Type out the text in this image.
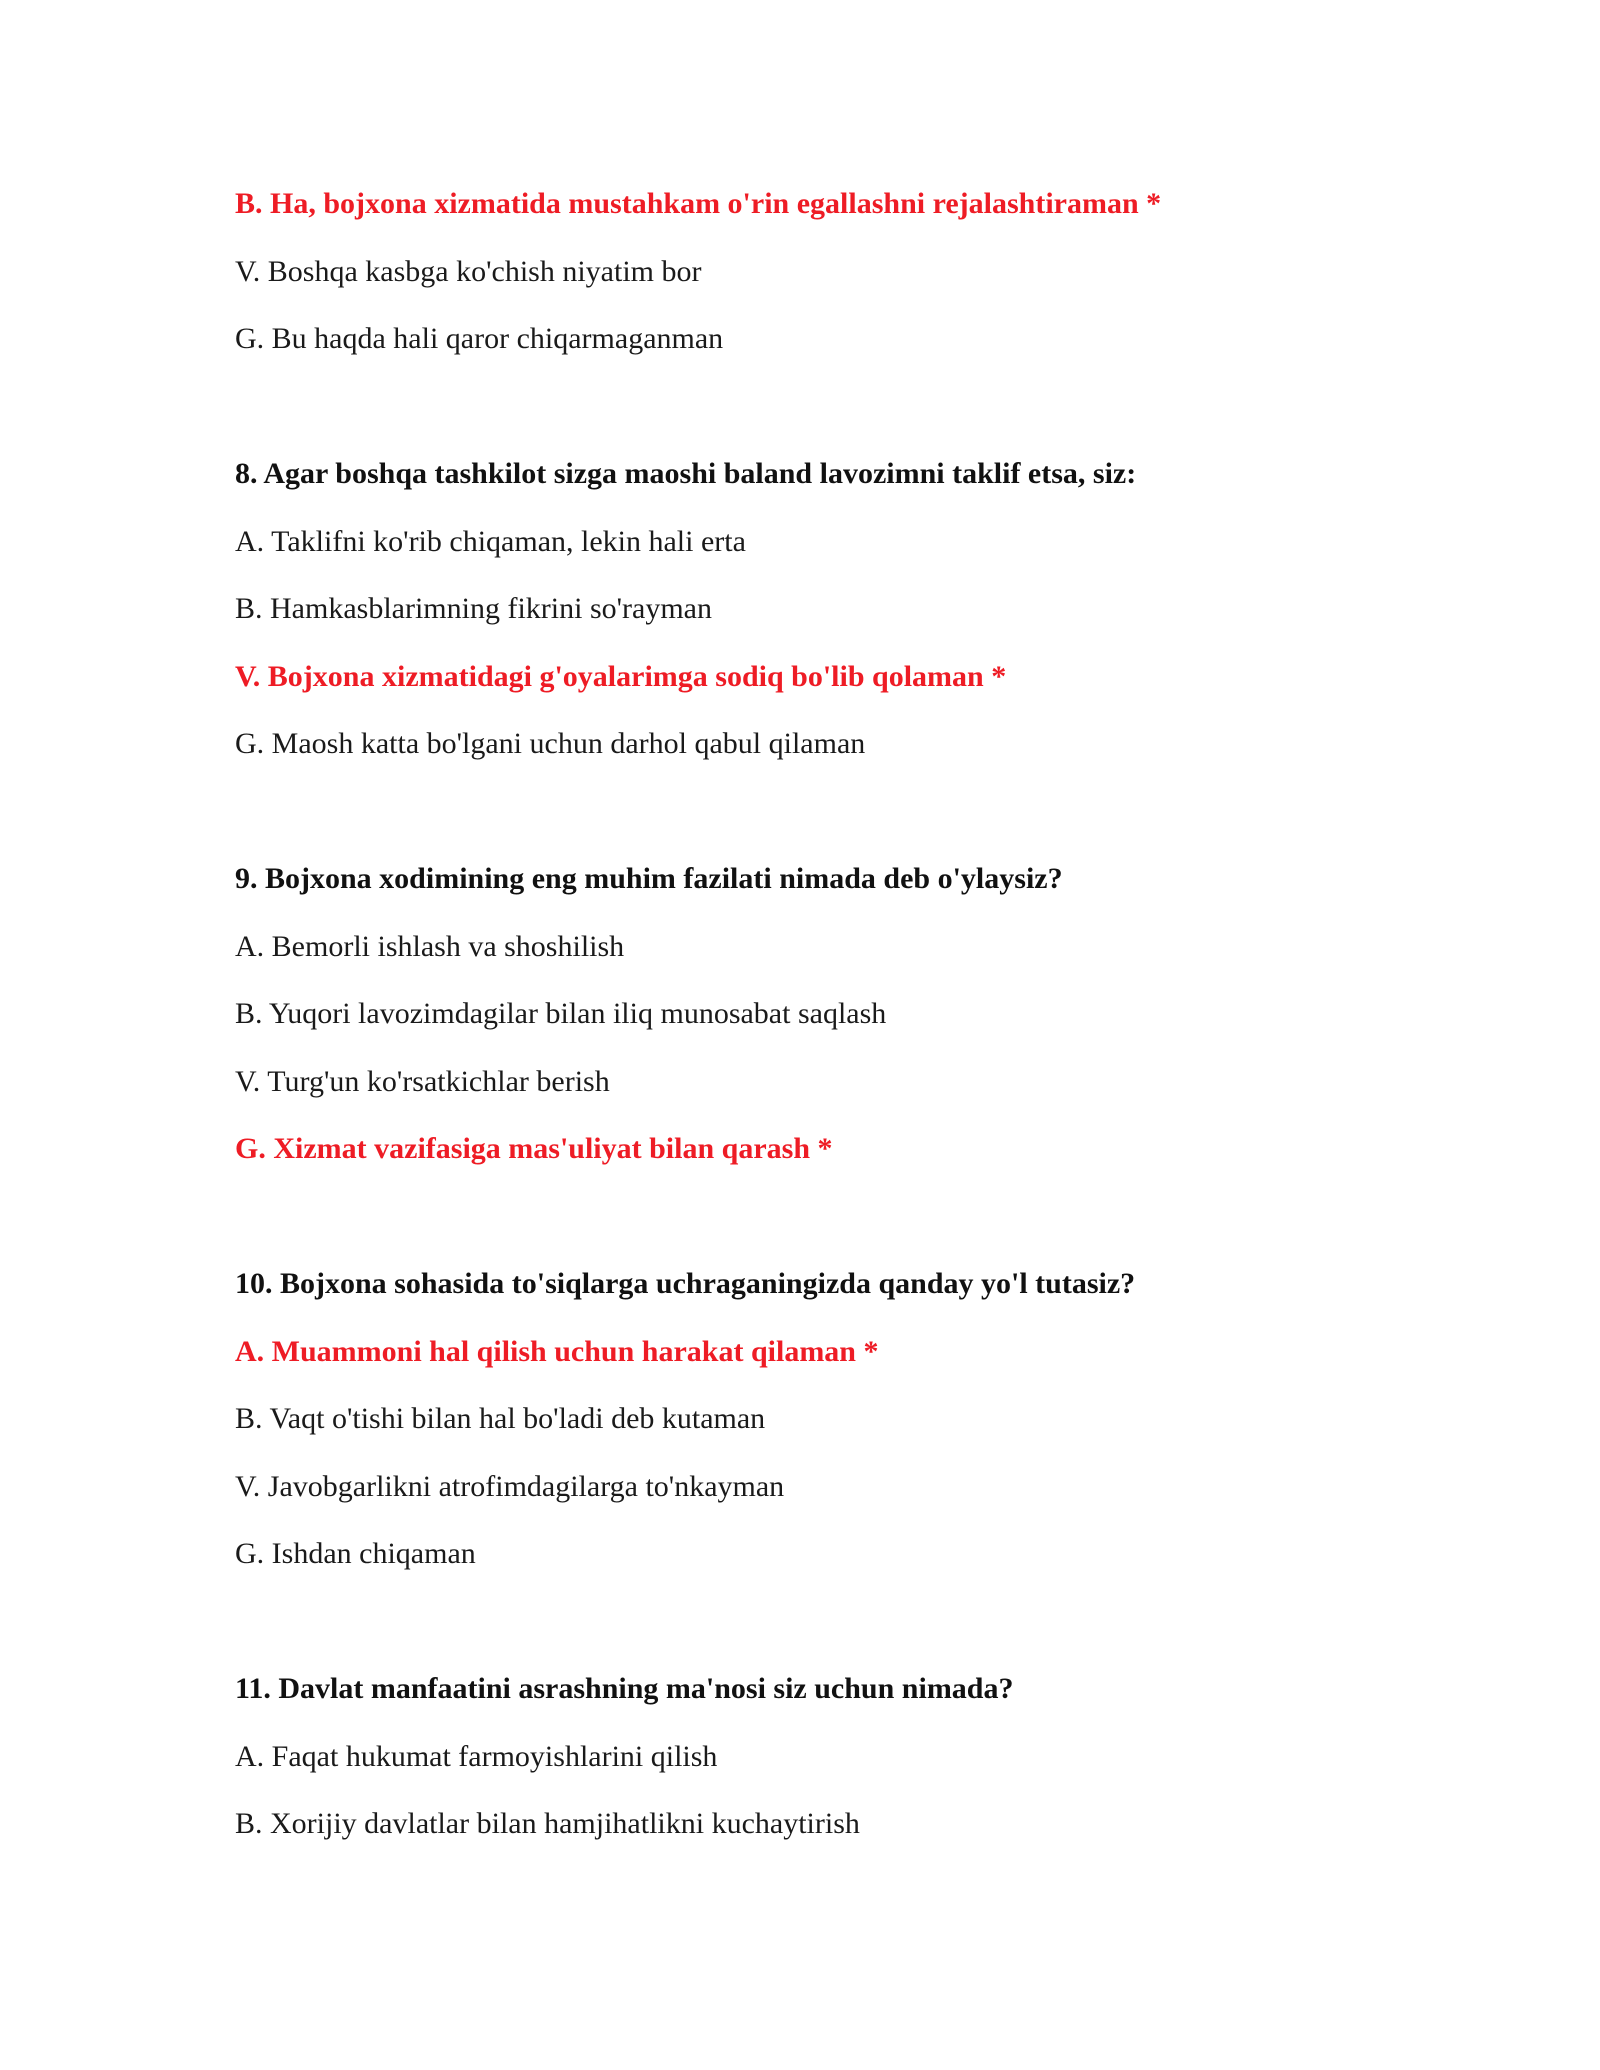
B. Ha, bojxona xizmatida mustahkam o'rin egallashni rejalashtiraman *
V. Boshqa kasbga ko'chish niyatim bor
G. Bu haqda hali qaror chiqarmaganman
8. Agar boshqa tashkilot sizga maoshi baland lavozimni taklif etsa, siz:
A. Taklifni ko'rib chiqaman, lekin hali erta
B. Hamkasblarimning fikrini so'rayman
V. Bojxona xizmatidagi g'oyalarimga sodiq bo'lib qolaman *
G. Maosh katta bo'lgani uchun darhol qabul qilaman
9. Bojxona xodimining eng muhim fazilati nimada deb o'ylaysiz?
A. Bemorli ishlash va shoshilish
B. Yuqori lavozimdagilar bilan iliq munosabat saqlash
V. Turg'un ko'rsatkichlar berish
G. Xizmat vazifasiga mas'uliyat bilan qarash *
10. Bojxona sohasida to'siqlarga uchraganingizda qanday yo'l tutasiz?
A. Muammoni hal qilish uchun harakat qilaman *
B. Vaqt o'tishi bilan hal bo'ladi deb kutaman
V. Javobgarlikni atrofimdagilarga to'nkayman
G. Ishdan chiqaman
11. Davlat manfaatini asrashning ma'nosi siz uchun nimada?
A. Faqat hukumat farmoyishlarini qilish
B. Xorijiy davlatlar bilan hamjihatlikni kuchaytirish
